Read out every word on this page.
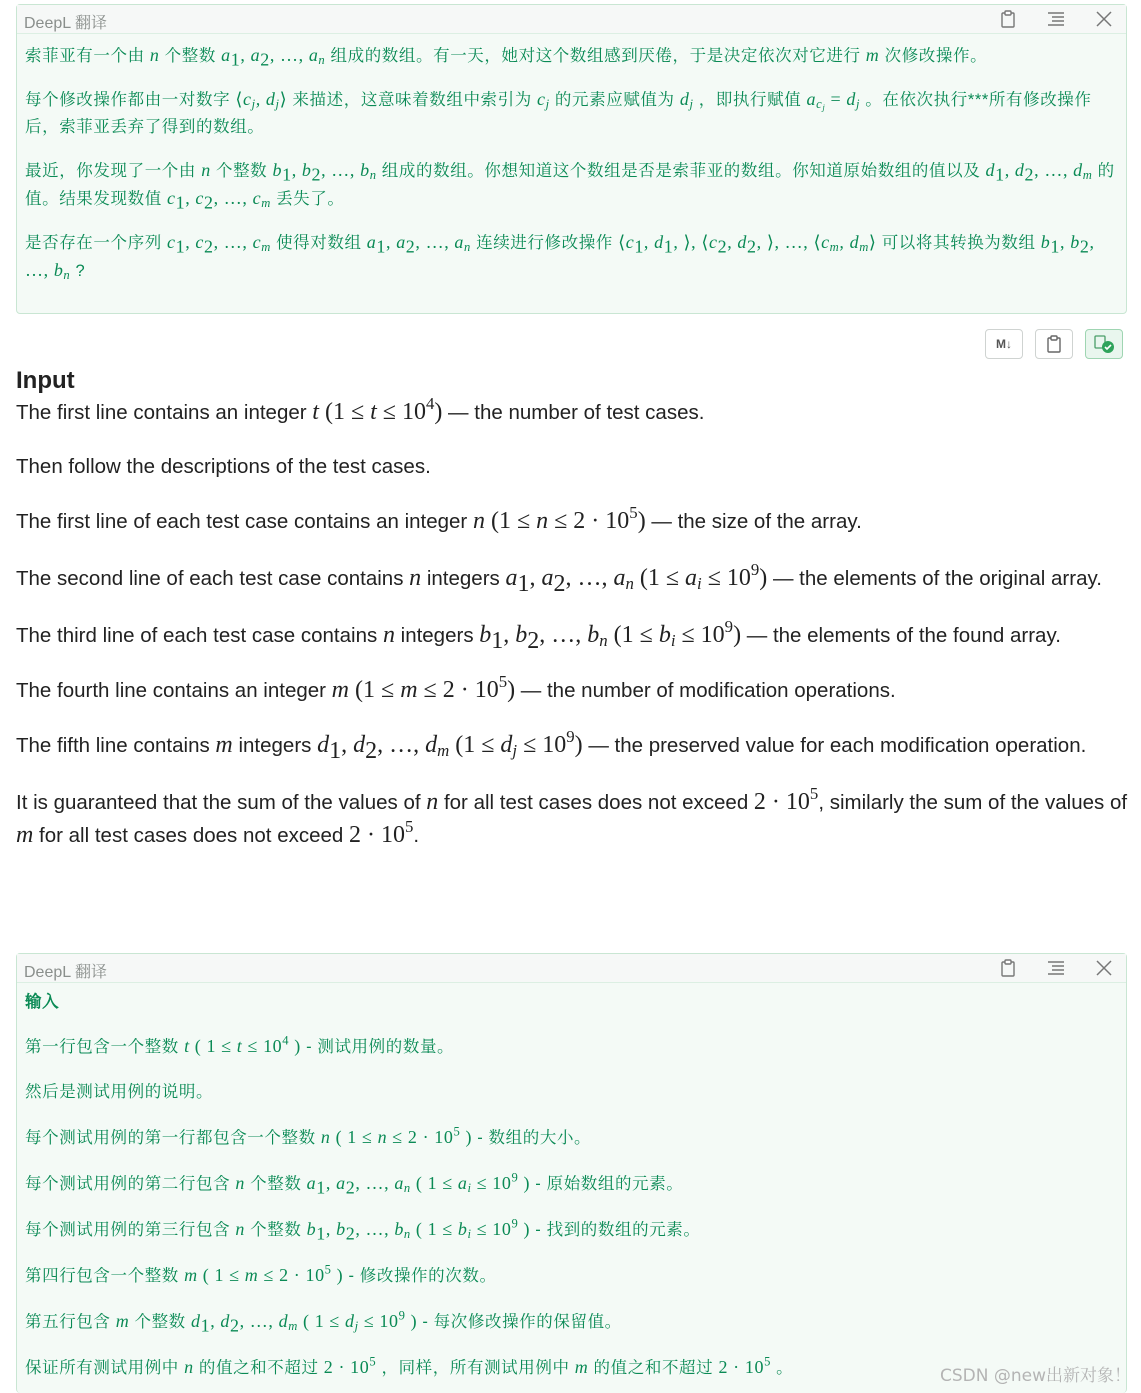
DeepL 翻译

索菲亚有一个由 n 个整数 $a_1$, $a_2$, …, $a_n$ 组成的数组。有一天，她对这个数组感到厌倦，于是决定依次对它进行 m 次修改操作。

每个修改操作都由一对数字 $⟨c_j$, $d_j⟩$ 来描述，这意味着数组中索引为 $c_j$ 的元素应赋值为 $d_j$ ，即执行赋值 $a_{c_j} = d_j$ 。在依次执行***所有修改操作后，索菲亚丢弃了得到的数组。

最近，你发现了一个由 n 个整数 $b_1$, $b_2$, …, $b_n$ 组成的数组。你想知道这个数组是否是索菲亚的数组。你知道原始数组的值以及 $d_1$, $d_2$, …, $d_m$ 的值。结果发现数值 $c_1$, $c_2$, …, $c_m$ 丢失了。

是否存在一个序列 $c_1$, $c_2$, …, $c_m$ 使得对数组 $a_1$, $a_2$, …, $a_n$ 连续进行修改操作 $⟨c_1$, $d_1$, ⟩, $⟨c_2$, $d_2$, ⟩, …, $⟨c_m$, $d_m⟩$ 可以将其转换为数组 $b_1$, $b_2$, …, $b_n$ ?

M↓
Input

The first line contains an integer t $(1 \le t \le 10^4)$ — the number of test cases.

Then follow the descriptions of the test cases.

The first line of each test case contains an integer n $(1 \le n \le 2 \cdot 10^5)$ — the size of the array.

The second line of each test case contains n integers $a_1$, $a_2$, …, $a_n$ $(1 \le a_i \le 10^9)$ — the elements of the original array.

The third line of each test case contains n integers $b_1$, $b_2$, …, $b_n$ $(1 \le b_i \le 10^9)$ — the elements of the found array.

The fourth line contains an integer m $(1 \le m \le 2 \cdot 10^5)$ — the number of modification operations.

The fifth line contains m integers $d_1$, $d_2$, …, $d_m$ $(1 \le d_j \le 10^9)$ — the preserved value for each modification operation.

It is guaranteed that the sum of the values of n for all test cases does not exceed $2 \cdot 10^5$, similarly the sum of the values of m for all test cases does not exceed $2 \cdot 10^5$.

DeepL 翻译

输入

第一行包含一个整数 t ( $1 \le t \le 10^4$ ) - 测试用例的数量。

然后是测试用例的说明。

每个测试用例的第一行都包含一个整数 n ( $1 \le n \le 2 \cdot 10^5$ ) - 数组的大小。

每个测试用例的第二行包含 n 个整数 $a_1$, $a_2$, …, $a_n$ ( $1 \le a_i \le 10^9$ ) - 原始数组的元素。

每个测试用例的第三行包含 n 个整数 $b_1$, $b_2$, …, $b_n$ ( $1 \le b_i \le 10^9$ ) - 找到的数组的元素。

第四行包含一个整数 m ( $1 \le m \le 2 \cdot 10^5$ ) - 修改操作的次数。

第五行包含 m 个整数 $d_1$, $d_2$, …, $d_m$ ( $1 \le d_j \le 10^9$ ) - 每次修改操作的保留值。

保证所有测试用例中 n 的值之和不超过 $2 \cdot 10^5$ ，同样，所有测试用例中 m 的值之和不超过 $2 \cdot 10^5$ 。	CSDN @new出新对象！
